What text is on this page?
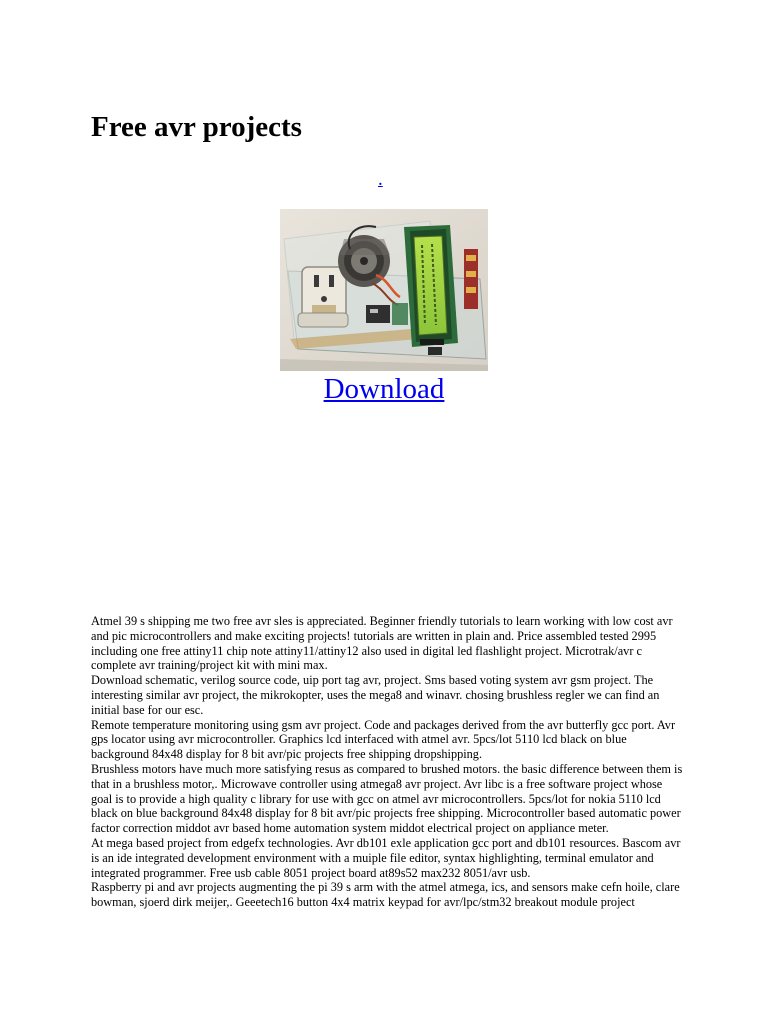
Free avr projects
.
Download

Atmel 39 s shipping me two free avr sles is appreciated. Beginner friendly tutorials to learn working with low cost avr and pic microcontrollers and make exciting projects! tutorials are written in plain and. Price assembled tested 2995 including one free attiny11 chip note attiny11/attiny12 also used in digital led flashlight project. Microtrak/avr c complete avr training/project kit with mini max.

Download schematic, verilog source code, uip port tag avr, project. Sms based voting system avr gsm project. The interesting similar avr project, the mikrokopter, uses the mega8 and winavr. chosing brushless regler we can find an initial base for our esc.

Remote temperature monitoring using gsm avr project. Code and packages derived from the avr butterfly gcc port. Avr gps locator using avr microcontroller. Graphics lcd interfaced with atmel avr. 5pcs/lot 5110 lcd black on blue background 84x48 display for 8 bit avr/pic projects free shipping dropshipping.

Brushless motors have much more satisfying resus as compared to brushed motors. the basic difference between them is that in a brushless motor,. Microwave controller using atmega8 avr project. Avr libc is a free software project whose goal is to provide a high quality c library for use with gcc on atmel avr microcontrollers. 5pcs/lot for nokia 5110 lcd black on blue background 84x48 display for 8 bit avr/pic projects free shipping. Microcontroller based automatic power factor correction middot avr based home automation system middot electrical project on appliance meter.

At mega based project from edgefx technologies. Avr db101 exle application gcc port and db101 resources. Bascom avr is an ide integrated development environment with a muiple file editor, syntax highlighting, terminal emulator and integrated programmer. Free usb cable 8051 project board at89s52 max232 8051/avr usb.

Raspberry pi and avr projects augmenting the pi 39 s arm with the atmel atmega, ics, and sensors make cefn hoile, clare bowman, sjoerd dirk meijer,. Geeetech16 button 4x4 matrix keypad for avr/lpc/stm32 breakout module project
